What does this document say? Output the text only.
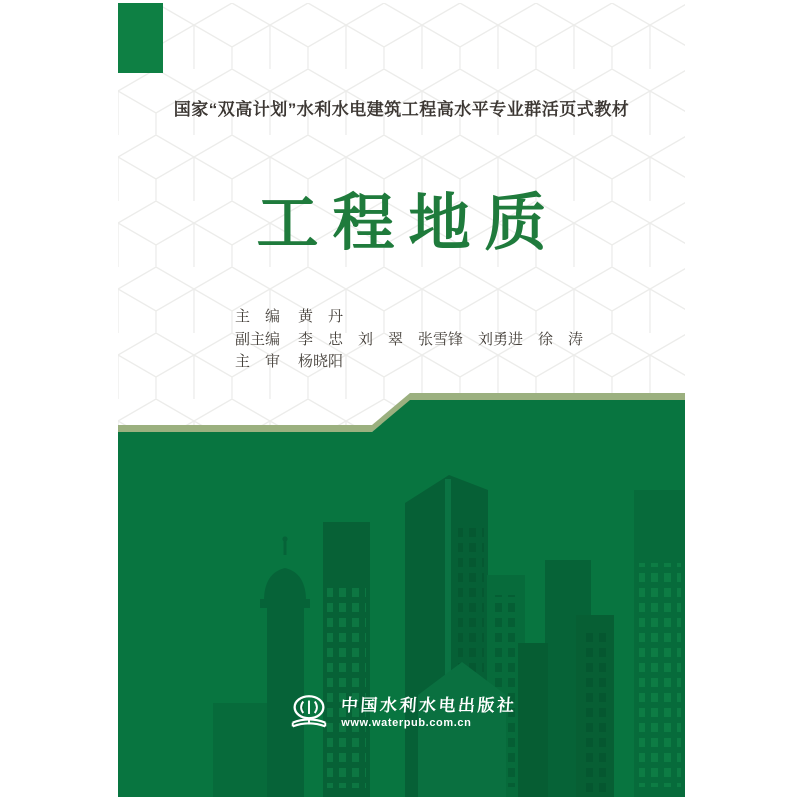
国家“双高计划”水利水电建筑工程高水平专业群活页式教材
工程地质
主　编 黄　丹
副主编 李　忠　刘　翠　张雪锋　刘勇进　徐　涛
主　审 杨晓阳
中国水利水电出版社
www.waterpub.com.cn
